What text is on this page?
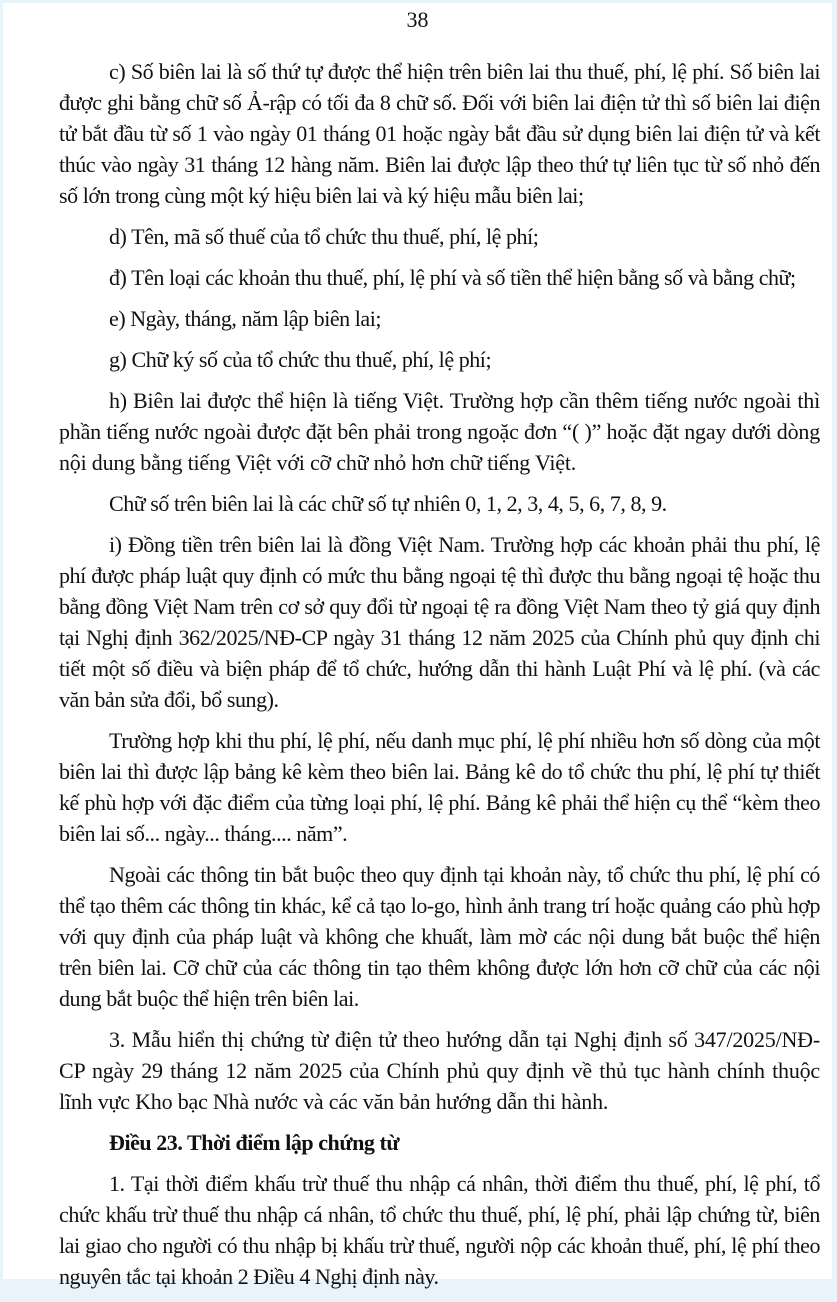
38

c) Số biên lai là số thứ tự được thể hiện trên biên lai thu thuế, phí, lệ phí. Số biên lai được ghi bằng chữ số Ả-rập có tối đa 8 chữ số. Đối với biên lai điện tử thì số biên lai điện tử bắt đầu từ số 1 vào ngày 01 tháng 01 hoặc ngày bắt đầu sử dụng biên lai điện tử và kết thúc vào ngày 31 tháng 12 hàng năm. Biên lai được lập theo thứ tự liên tục từ số nhỏ đến số lớn trong cùng một ký hiệu biên lai và ký hiệu mẫu biên lai;

d) Tên, mã số thuế của tổ chức thu thuế, phí, lệ phí;

đ) Tên loại các khoản thu thuế, phí, lệ phí và số tiền thể hiện bằng số và bằng chữ;

e) Ngày, tháng, năm lập biên lai;

g) Chữ ký số của tổ chức thu thuế, phí, lệ phí;

h) Biên lai được thể hiện là tiếng Việt. Trường hợp cần thêm tiếng nước ngoài thì phần tiếng nước ngoài được đặt bên phải trong ngoặc đơn “( )” hoặc đặt ngay dưới dòng nội dung bằng tiếng Việt với cỡ chữ nhỏ hơn chữ tiếng Việt.

Chữ số trên biên lai là các chữ số tự nhiên 0, 1, 2, 3, 4, 5, 6, 7, 8, 9.

i) Đồng tiền trên biên lai là đồng Việt Nam. Trường hợp các khoản phải thu phí, lệ phí được pháp luật quy định có mức thu bằng ngoại tệ thì được thu bằng ngoại tệ hoặc thu bằng đồng Việt Nam trên cơ sở quy đổi từ ngoại tệ ra đồng Việt Nam theo tỷ giá quy định tại Nghị định 362/2025/NĐ-CP ngày 31 tháng 12 năm 2025 của Chính phủ quy định chi tiết một số điều và biện pháp để tổ chức, hướng dẫn thi hành Luật Phí và lệ phí. (và các văn bản sửa đổi, bổ sung).

Trường hợp khi thu phí, lệ phí, nếu danh mục phí, lệ phí nhiều hơn số dòng của một biên lai thì được lập bảng kê kèm theo biên lai. Bảng kê do tổ chức thu phí, lệ phí tự thiết kế phù hợp với đặc điểm của từng loại phí, lệ phí. Bảng kê phải thể hiện cụ thể “kèm theo biên lai số... ngày... tháng.... năm”.

Ngoài các thông tin bắt buộc theo quy định tại khoản này, tổ chức thu phí, lệ phí có thể tạo thêm các thông tin khác, kể cả tạo lo-go, hình ảnh trang trí hoặc quảng cáo phù hợp với quy định của pháp luật và không che khuất, làm mờ các nội dung bắt buộc thể hiện trên biên lai. Cỡ chữ của các thông tin tạo thêm không được lớn hơn cỡ chữ của các nội dung bắt buộc thể hiện trên biên lai.

3. Mẫu hiển thị chứng từ điện tử theo hướng dẫn tại Nghị định số 347/2025/NĐ-CP ngày 29 tháng 12 năm 2025 của Chính phủ quy định về thủ tục hành chính thuộc lĩnh vực Kho bạc Nhà nước và các văn bản hướng dẫn thi hành.

Điều 23. Thời điểm lập chứng từ

1. Tại thời điểm khấu trừ thuế thu nhập cá nhân, thời điểm thu thuế, phí, lệ phí, tổ chức khấu trừ thuế thu nhập cá nhân, tổ chức thu thuế, phí, lệ phí, phải lập chứng từ, biên lai giao cho người có thu nhập bị khấu trừ thuế, người nộp các khoản thuế, phí, lệ phí theo nguyên tắc tại khoản 2 Điều 4 Nghị định này.
